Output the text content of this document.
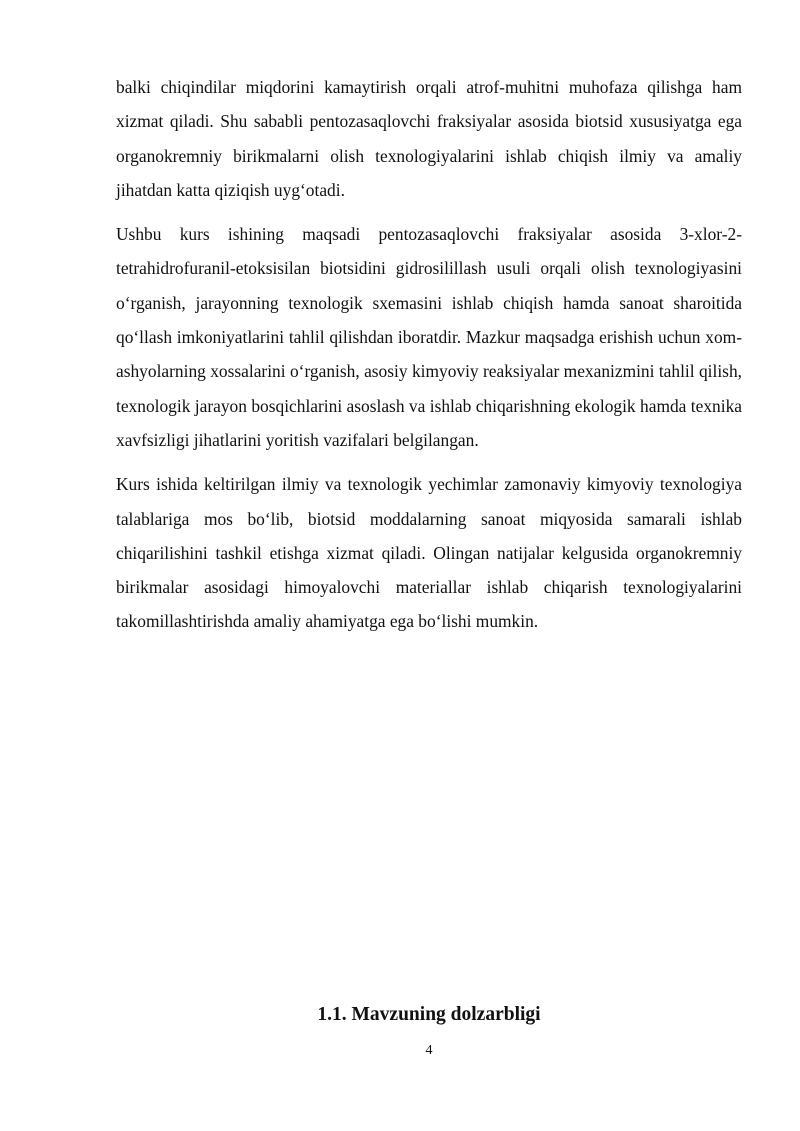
balki chiqindilar miqdorini kamaytirish orqali atrof-muhitni muhofaza qilishga ham xizmat qiladi. Shu sababli pentozasaqlovchi fraksiyalar asosida biotsid xususiyatga ega organokremniy birikmalarni olish texnologiyalarini ishlab chiqish ilmiy va amaliy jihatdan katta qiziqish uyg‘otadi.

Ushbu kurs ishining maqsadi pentozasaqlovchi fraksiyalar asosida 3-xlor-2-tetrahidrofuranil-etoksisilan biotsidini gidrosilillash usuli orqali olish texnologiyasini o‘rganish, jarayonning texnologik sxemasini ishlab chiqish hamda sanoat sharoitida qo‘llash imkoniyatlarini tahlil qilishdan iboratdir. Mazkur maqsadga erishish uchun xom-ashyolarning xossalarini o‘rganish, asosiy kimyoviy reaksiyalar mexanizmini tahlil qilish, texnologik jarayon bosqichlarini asoslash va ishlab chiqarishning ekologik hamda texnika xavfsizligi jihatlarini yoritish vazifalari belgilangan.

Kurs ishida keltirilgan ilmiy va texnologik yechimlar zamonaviy kimyoviy texnologiya talablariga mos bo‘lib, biotsid moddalarning sanoat miqyosida samarali ishlab chiqarilishini tashkil etishga xizmat qiladi. Olingan natijalar kelgusida organokremniy birikmalar asosidagi himoyalovchi materiallar ishlab chiqarish texnologiyalarini takomillashtirishda amaliy ahamiyatga ega bo‘lishi mumkin.

1.1. Mavzuning dolzarbligi
4
